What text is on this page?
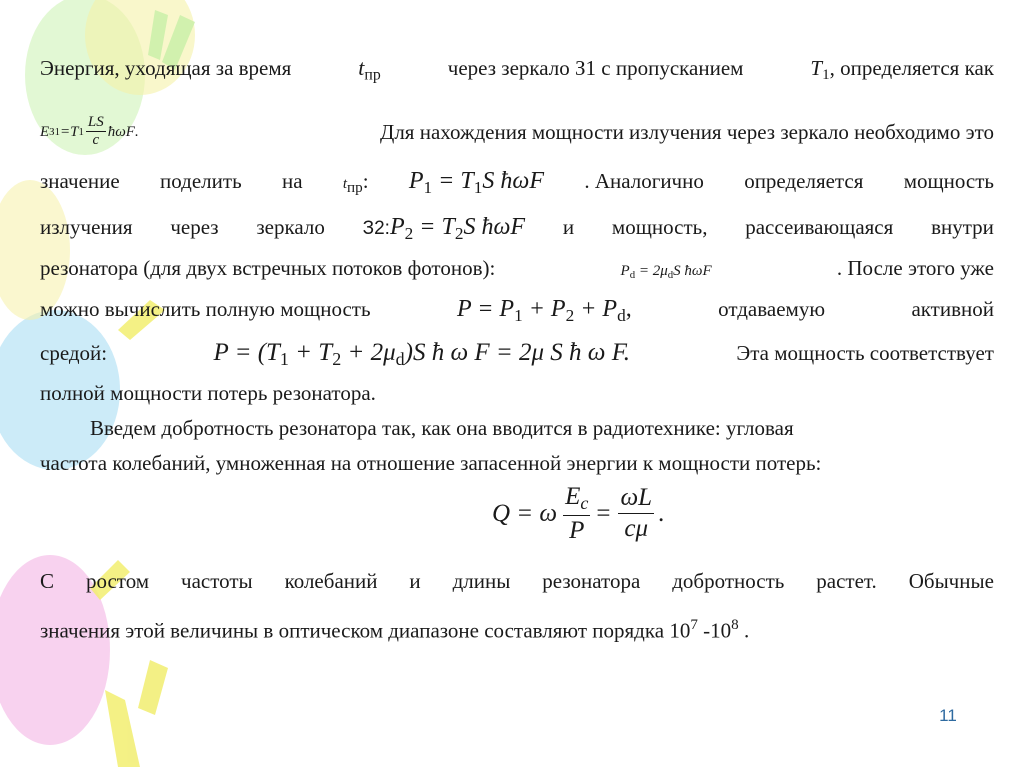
Энергия, уходящая за время	$t_{пр}$	через зеркало З1 с пропусканием	$T_1$, определяется как
E З1 = T $1 \frac{LS}{c}$ ħωF .	Для нахождения мощности излучения через зеркало необходимо это
значение поделить на	$t_{пр}$: $P_1 = T_1S$ ħωF . Аналогично определяется мощность
излучения через зеркало $З2:P_2 = T_2S$ ħωF и мощность, рассеивающаяся внутри
резонатора (для двух встречных потоков фотонов):	$P_d = 2\mu_dS$ ħωF	. После этого уже
можно вычислить полную мощность	$P = P_1 + P_2 + P_d$,	отдаваемую	активной
средой:	$P = (T_1 + T_2 + 2\mu_d)S$ ħ ω F = 2μ S ħ ω F.	Эта мощность соответствует
полной мощности потерь резонатора.
Введем добротность резонатора так, как она вводится в радиотехнике: угловая
частота колебаний, умноженная на отношение запасенной энергии к мощности потерь:
Q = ω $\frac{E_c}{P} = \frac{\omega L}{c\mu}$ .
С ростом частоты колебаний и длины резонатора добротность растет. Обычные
значения этой величины в оптическом диапазоне составляют порядка $10^7$ $-10^8$ .
11
